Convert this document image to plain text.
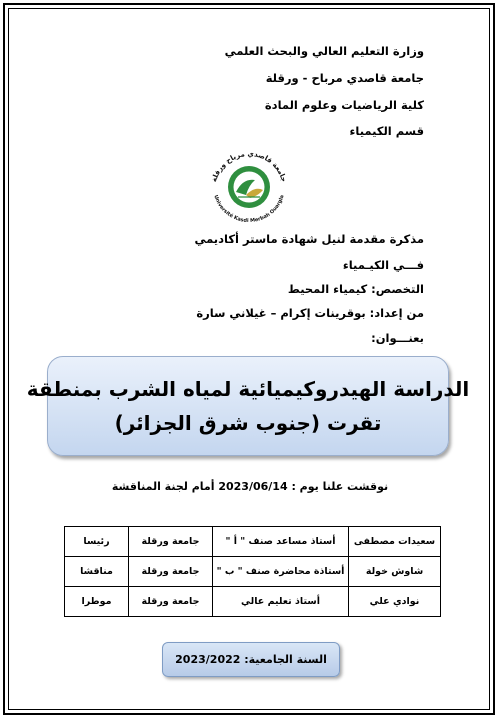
وزارة التعليم العالي والبحث العلمي
جامعة قاصدي مرباح - ورقلة
كلية الرياضيات وعلوم المادة
قسم الكيمياء
جامعة قاصدي مرباح ورقلة
Université Kasdi Merbah Ouargla
مذكرة مقدمة لنيل شهادة ماستر أكاديمي
فـــي الكيـمياء
التخصص: كيمياء المحيط
من إعداد: بوقرينات إكرام – غيلاني سارة
بعنـــوان:
الدراسة الهيدروكيميائية لمياه الشرب بمنطقة
تقرت (جنوب شرق الجزائر)
نوقشت علنا يوم : 2023/06/14 أمام لجنة المناقشة
سعيدات مصطفى	أستاذ مساعد صنف " أ "	جامعة ورقلة	رئيسا
شاوش خولة	أستاذة محاضرة صنف " ب "	جامعة ورقلة	مناقشا
نوادي علي	أستاذ تعليم عالي	جامعة ورقلة	موطرا
السنة الجامعية: 2023/2022
